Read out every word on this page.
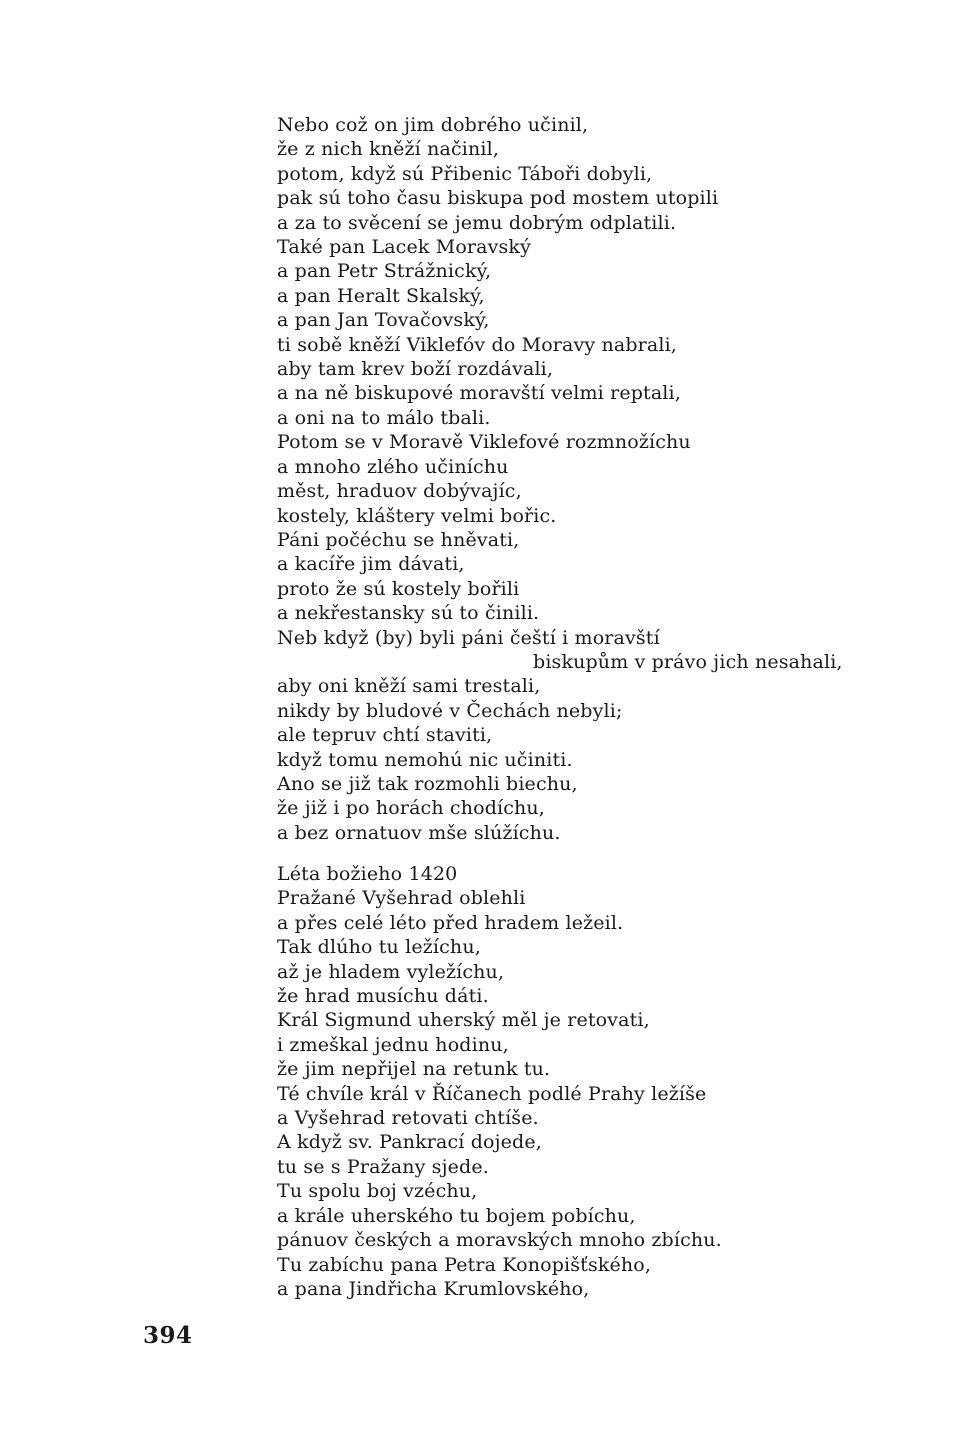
Nebo což on jim dobrého učinil,
že z nich kněží načinil,
potom, když sú Přibenic Táboři dobyli,
pak sú toho času biskupa pod mostem utopili
a za to svěcení se jemu dobrým odplatili.
Také pan Lacek Moravský
a pan Petr Strážnický,
a pan Heralt Skalský,
a pan Jan Tovačovský,
ti sobě kněží Viklefóv do Moravy nabrali,
aby tam krev boží rozdávali,
a na ně biskupové moravští velmi reptali,
a oni na to málo tbali.
Potom se v Moravě Viklefové rozmnožíchu
a mnoho zlého učiníchu
měst, hraduov dobývajíc,
kostely, kláštery velmi bořic.
Páni počéchu se hněvati,
a kacíře jim dávati,
proto že sú kostely bořili
a nekřestansky sú to činili.
Neb když (by) byli páni čeští i moravští
biskupům v právo jich nesahali,
aby oni kněží sami trestali,
nikdy by bludové v Čechách nebyli;
ale tepruv chtí staviti,
když tomu nemohú nic učiniti.
Ano se již tak rozmohli biechu,
že již i po horách chodíchu,
a bez ornatuov mše slúžíchu.
Léta božieho 1420
Pražané Vyšehrad oblehli
a přes celé léto před hradem ležeil.
Tak dlúho tu ležíchu,
až je hladem vyležíchu,
že hrad musíchu dáti.
Král Sigmund uherský měl je retovati,
i zmeškal jednu hodinu,
že jim nepřijel na retunk tu.
Té chvíle král v Říčanech podlé Prahy ležíše
a Vyšehrad retovati chtíše.
A když sv. Pankrací dojede,
tu se s Pražany sjede.
Tu spolu boj vzéchu,
a krále uherského tu bojem pobíchu,
pánuov českých a moravských mnoho zbíchu.
Tu zabíchu pana Petra Konopišťského,
a pana Jindřicha Krumlovského,
394
